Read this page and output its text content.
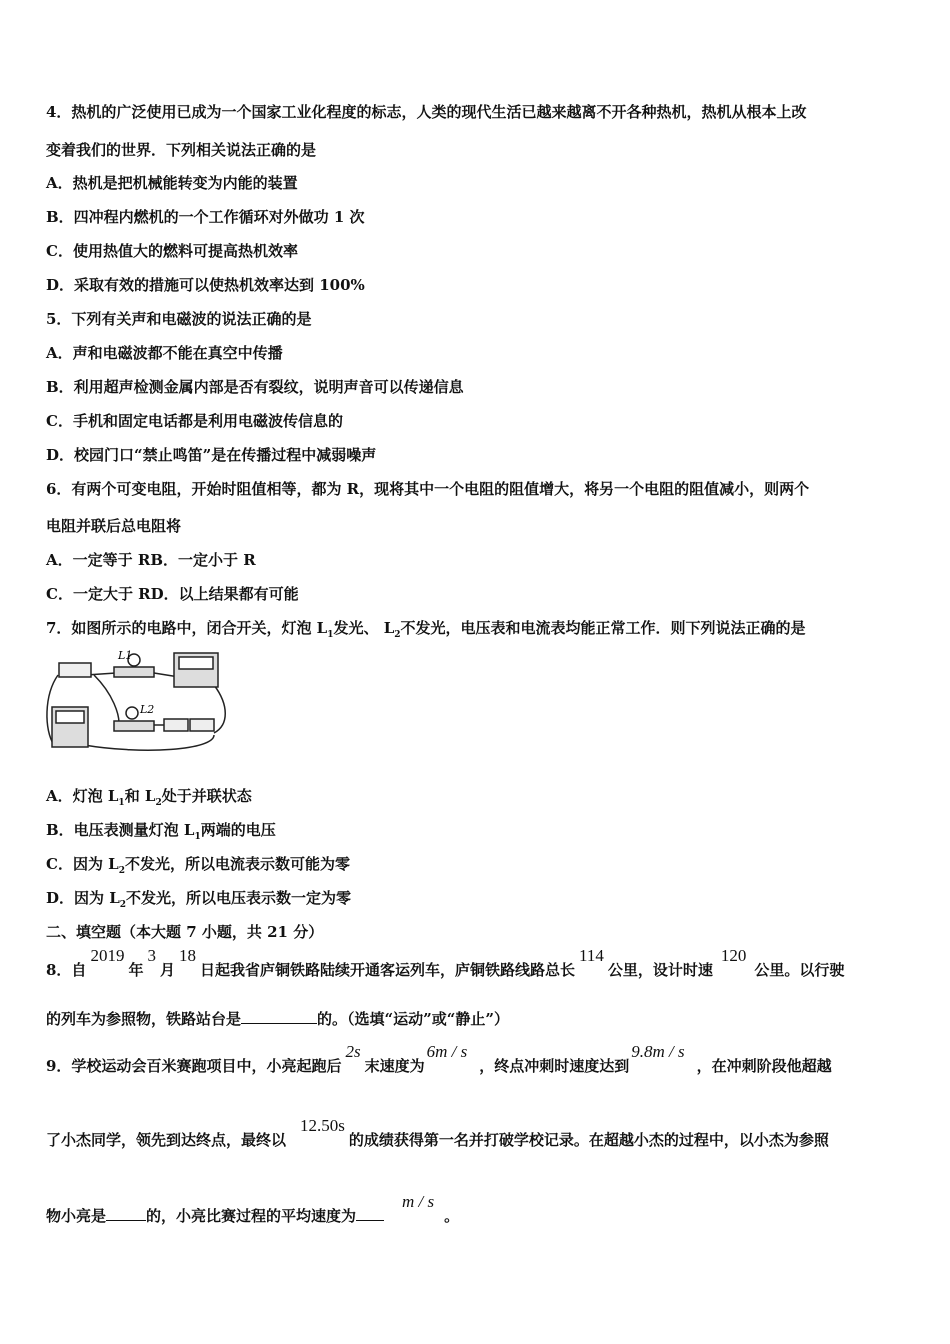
4．热机的广泛使用已成为一个国家工业化程度的标志，人类的现代生活已越来越离不开各种热机，热机从根本上改
变着我们的世界．下列相关说法正确的是
A．热机是把机械能转变为内能的装置
B．四冲程内燃机的一个工作循环对外做功 1 次
C．使用热值大的燃料可提高热机效率
D．采取有效的措施可以使热机效率达到 100%
5．下列有关声和电磁波的说法正确的是
A．声和电磁波都不能在真空中传播
B．利用超声检测金属内部是否有裂纹，说明声音可以传递信息
C．手机和固定电话都是利用电磁波传信息的
D．校园门口“禁止鸣笛”是在传播过程中减弱噪声
6．有两个可变电阻，开始时阻值相等，都为 R，现将其中一个电阻的阻值增大，将另一个电阻的阻值减小，则两个
电阻并联后总电阻将
A．一定等于 RB．一定小于 R
C．一定大于 RD．以上结果都有可能
7．如图所示的电路中，闭合开关，灯泡 $L_1$发光、 $L_2$不发光，电压表和电流表均能正常工作．则下列说法正确的是
L1
L2
A．灯泡 $L_1$和 $L_2$处于并联状态
B．电压表测量灯泡 $L_1$两端的电压
C．因为 $L_2$不发光，所以电流表示数可能为零
D．因为 $L_2$不发光，所以电压表示数一定为零
二、填空题（本大题 7 小题，共 21 分）
8．自2019年3月18日起我省庐铜铁路陆续开通客运列车，庐铜铁路线路总长114公里，设计时速120公里。以行驶
的列车为参照物，铁路站台是	的。（选填“运动”或“静止”）
9．学校运动会百米赛跑项目中，小亮起跑后2s末速度为6m / s，终点冲刺时速度达到9.8m / s，在冲刺阶段他超越
了小杰同学，领先到达终点，最终以12.50s的成绩获得第一名并打破学校记录。在超越小杰的过程中，以小杰为参照
物小亮是	的，小亮比赛过程的平均速度为m / s。
